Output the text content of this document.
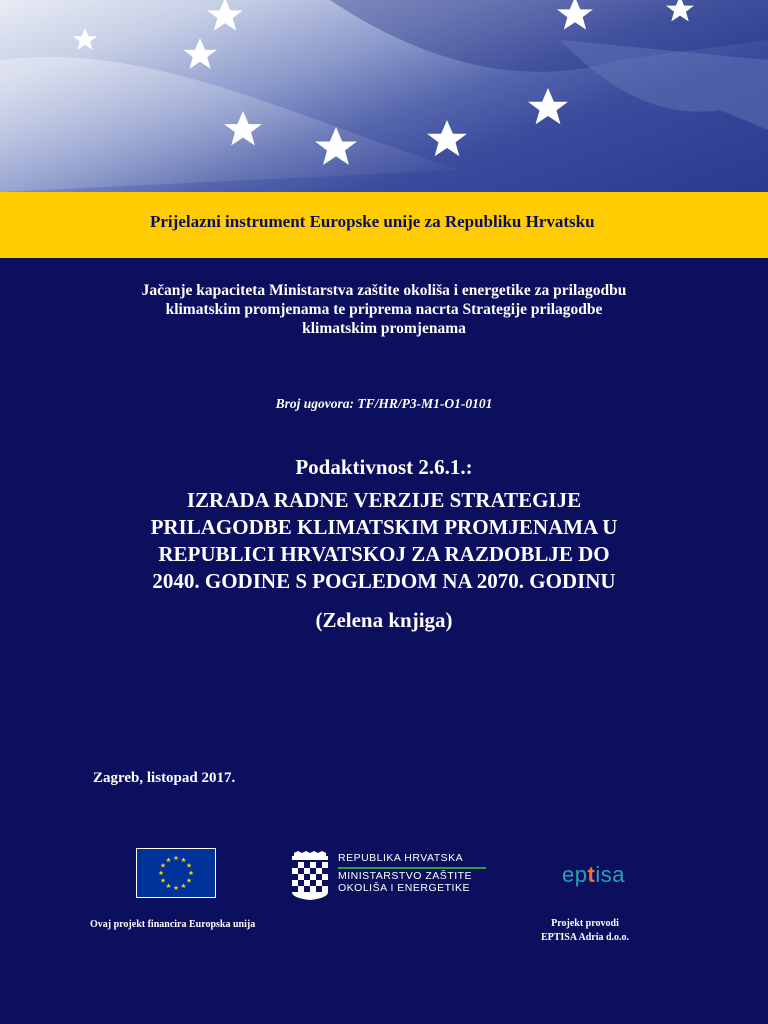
Prijelazni instrument Europske unije za Republiku Hrvatsku
Jačanje kapaciteta Ministarstva zaštite okoliša i energetike za prilagodbu
klimatskim promjenama te priprema nacrta Strategije prilagodbe
klimatskim promjenama
Broj ugovora: TF/HR/P3-M1-O1-0101
Podaktivnost 2.6.1.:
IZRADA RADNE VERZIJE STRATEGIJE
PRILAGODBE KLIMATSKIM PROMJENAMA U
REPUBLICI HRVATSKOJ ZA RAZDOBLJE DO
2040. GODINE S POGLEDOM NA 2070. GODINU
(Zelena knjiga)
Zagreb, listopad 2017.
Ovaj projekt financira Europska unija
REPUBLIKA HRVATSKA
MINISTARSTVO ZAŠTITE
OKOLIŠA I ENERGETIKE
eptisa
Projekt provodi
EPTISA Adria d.o.o.
